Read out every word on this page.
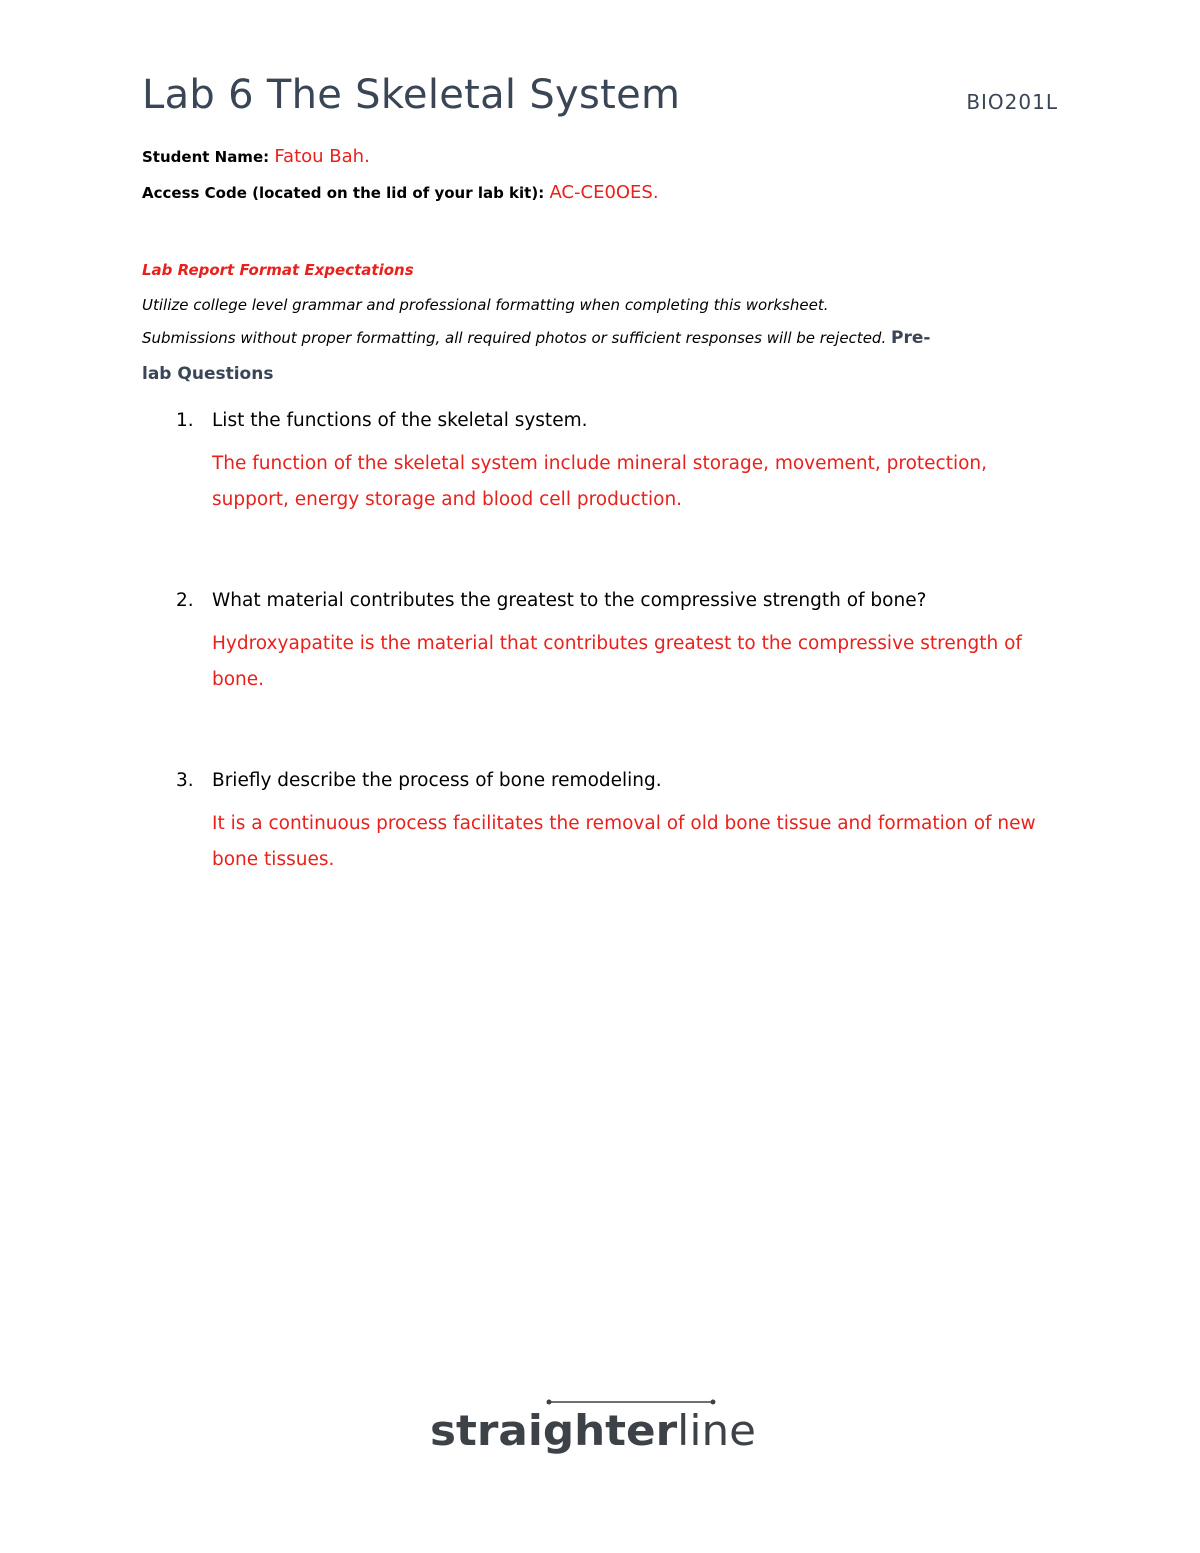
Lab 6 The Skeletal System	BIO201L
Student Name: Fatou Bah.
Access Code (located on the lid of your lab kit): AC-CE0OES.
Lab Report Format Expectations
Utilize college level grammar and professional formatting when completing this worksheet.
Submissions without proper formatting, all required photos or sufficient responses will be rejected. Pre-
lab Questions
1. List the functions of the skeletal system.
The function of the skeletal system include mineral storage, movement, protection, support, energy storage and blood cell production.
2. What material contributes the greatest to the compressive strength of bone?
Hydroxyapatite is the material that contributes greatest to the compressive strength of bone.
3. Briefly describe the process of bone remodeling.
It is a continuous process facilitates the removal of old bone tissue and formation of new bone tissues.
straighter line
